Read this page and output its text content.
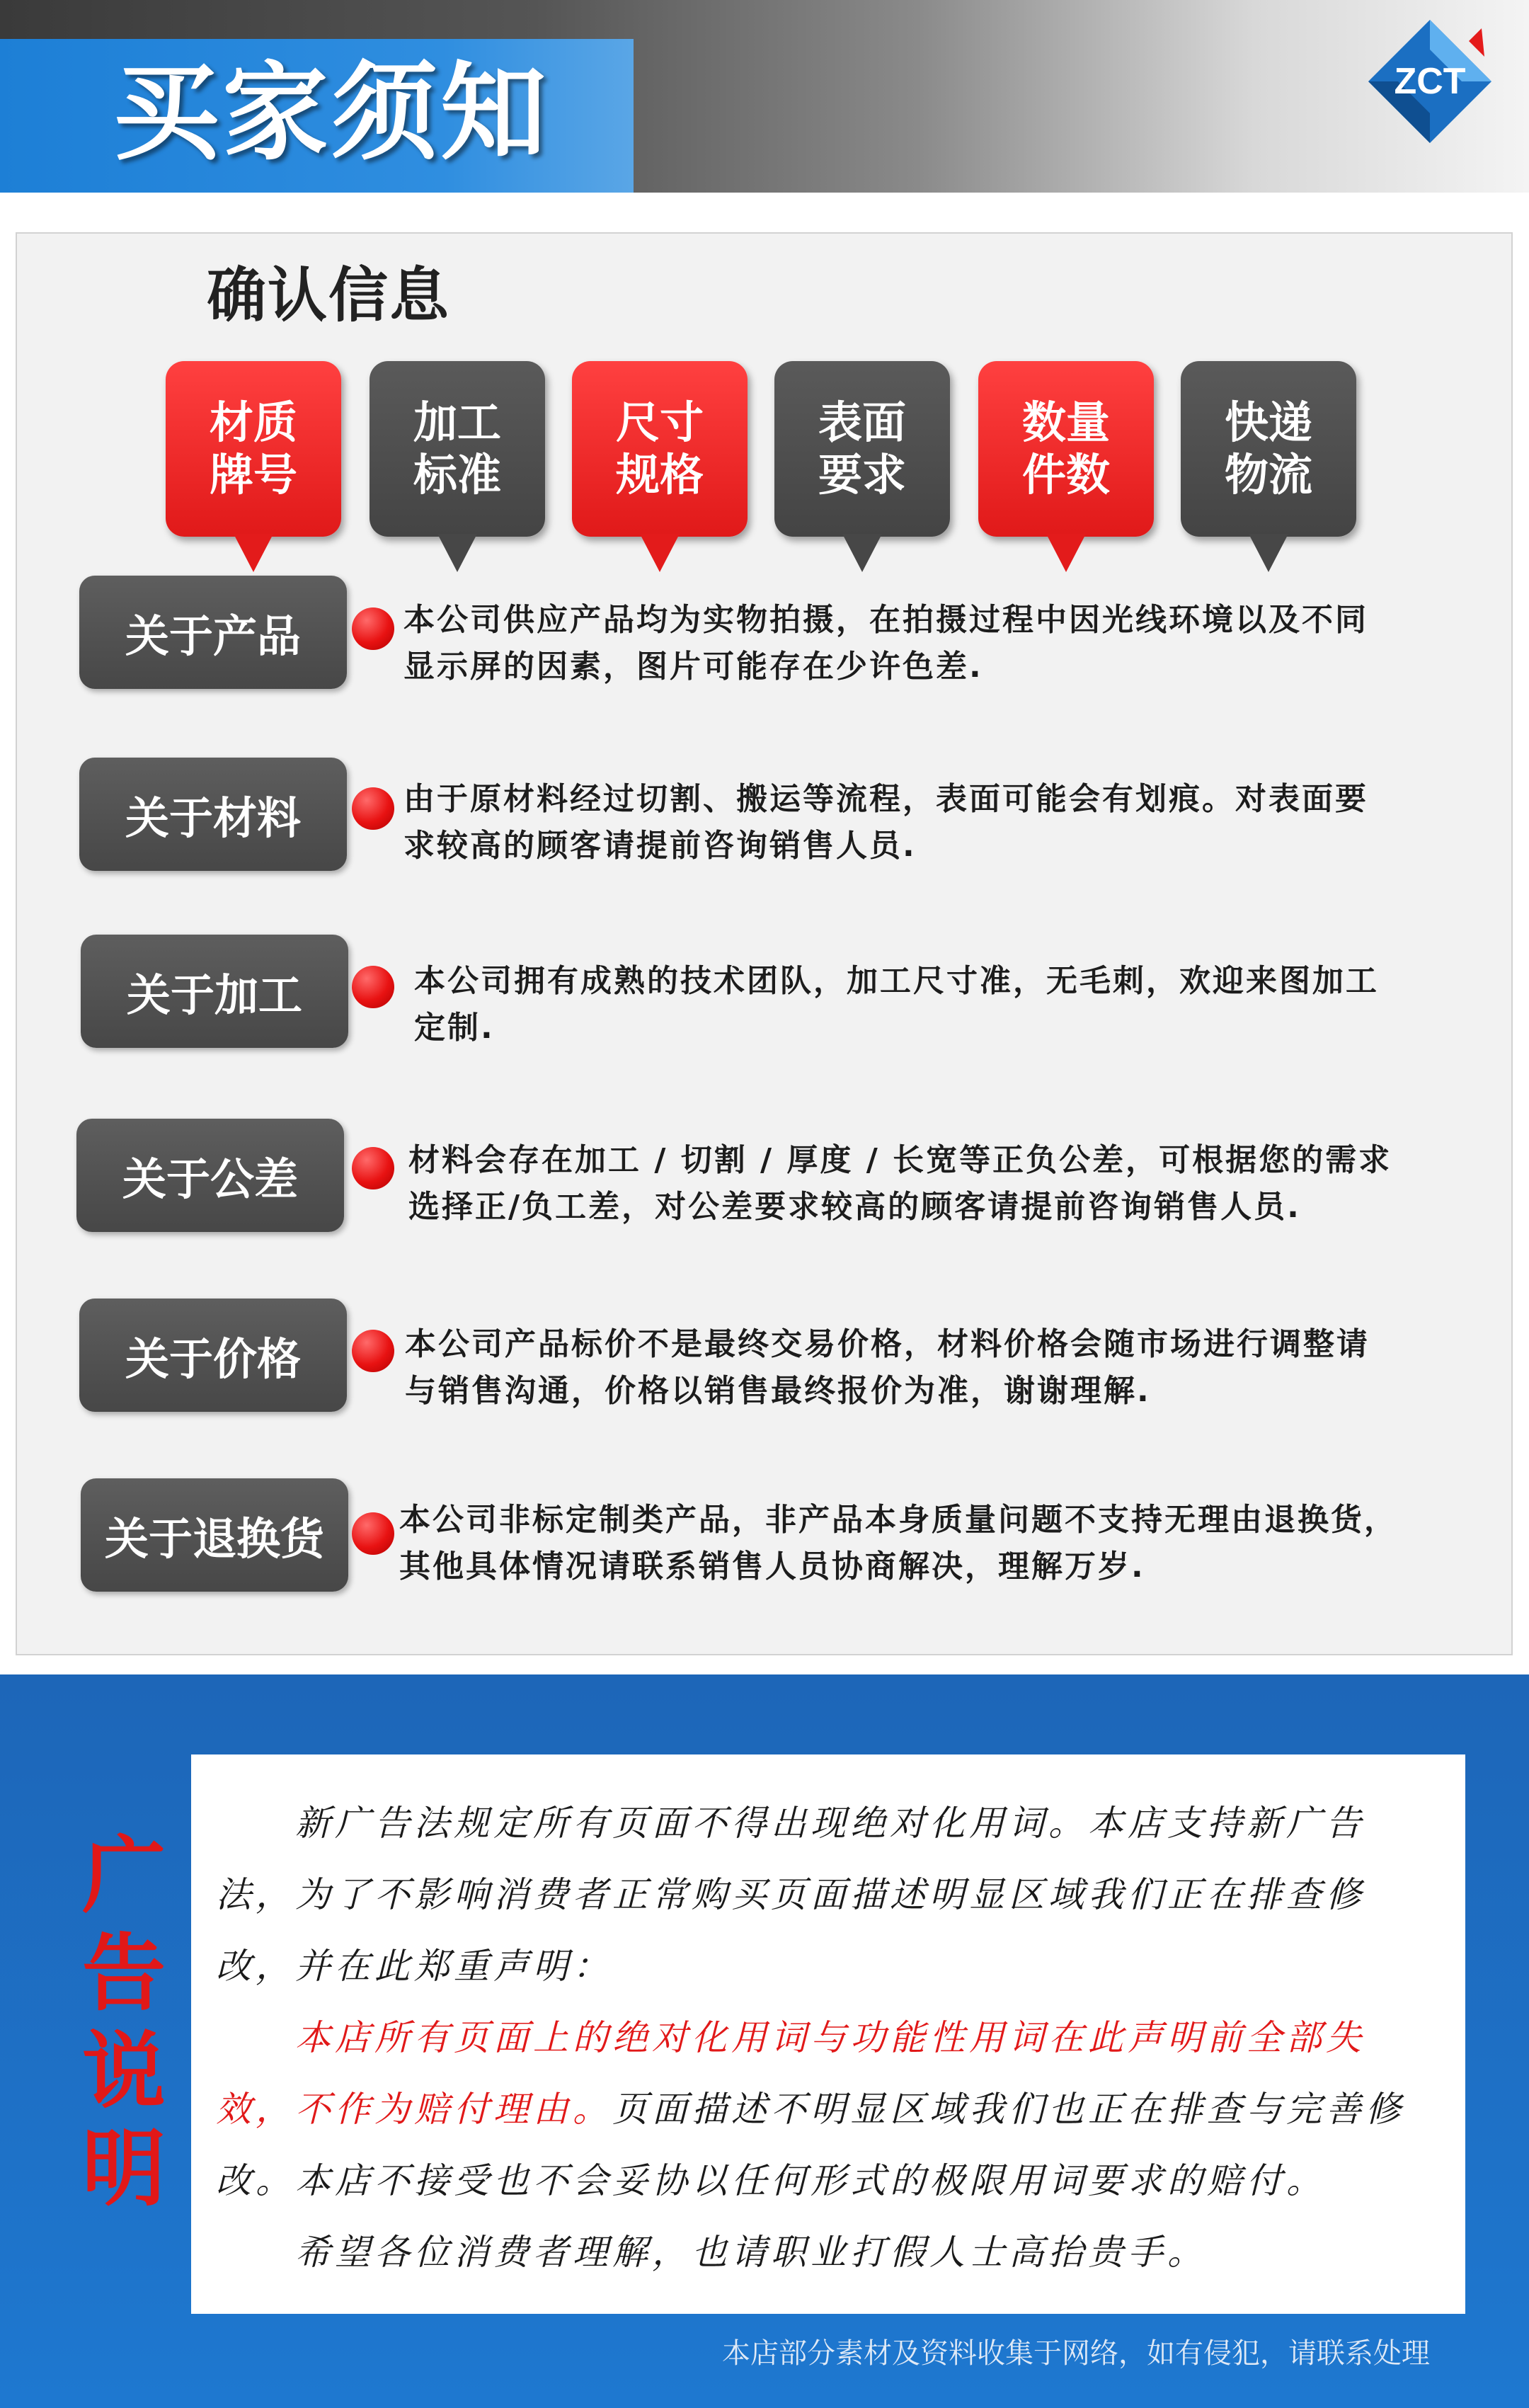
买家须知	ZCT
确认信息
材质
牌号
加工
标准
尺寸
规格
表面
要求
数量
件数
快递
物流
关于产品	本公司供应产品均为实物拍摄，在拍摄过程中因光线环境以及不同
显示屏的因素，图片可能存在少许色差.
关于材料	由于原材料经过切割、搬运等流程，表面可能会有划痕。对表面要
求较高的顾客请提前咨询销售人员.
关于加工	本公司拥有成熟的技术团队，加工尺寸准，无毛刺，欢迎来图加工
定制.
关于公差	材料会存在加工 / 切割 / 厚度 / 长宽等正负公差，可根据您的需求
选择正/负工差，对公差要求较高的顾客请提前咨询销售人员.
关于价格	本公司产品标价不是最终交易价格，材料价格会随市场进行调整请
与销售沟通，价格以销售最终报价为准，谢谢理解.
关于退换货	本公司非标定制类产品，非产品本身质量问题不支持无理由退换货，
其他具体情况请联系销售人员协商解决，理解万岁.
广
告
说
明
　　新广告法规定所有页面不得出现绝对化用词。本店支持新广告法，为了不影响消费者正常购买页面描述明显区域我们正在排查修改，并在此郑重声明：
　　本店所有页面上的绝对化用词与功能性用词在此声明前全部失效，不作为赔付理由。页面描述不明显区域我们也正在排查与完善修改。本店不接受也不会妥协以任何形式的极限用词要求的赔付。
　　希望各位消费者理解，也请职业打假人士高抬贵手。
本店部分素材及资料收集于网络，如有侵犯，请联系处理
